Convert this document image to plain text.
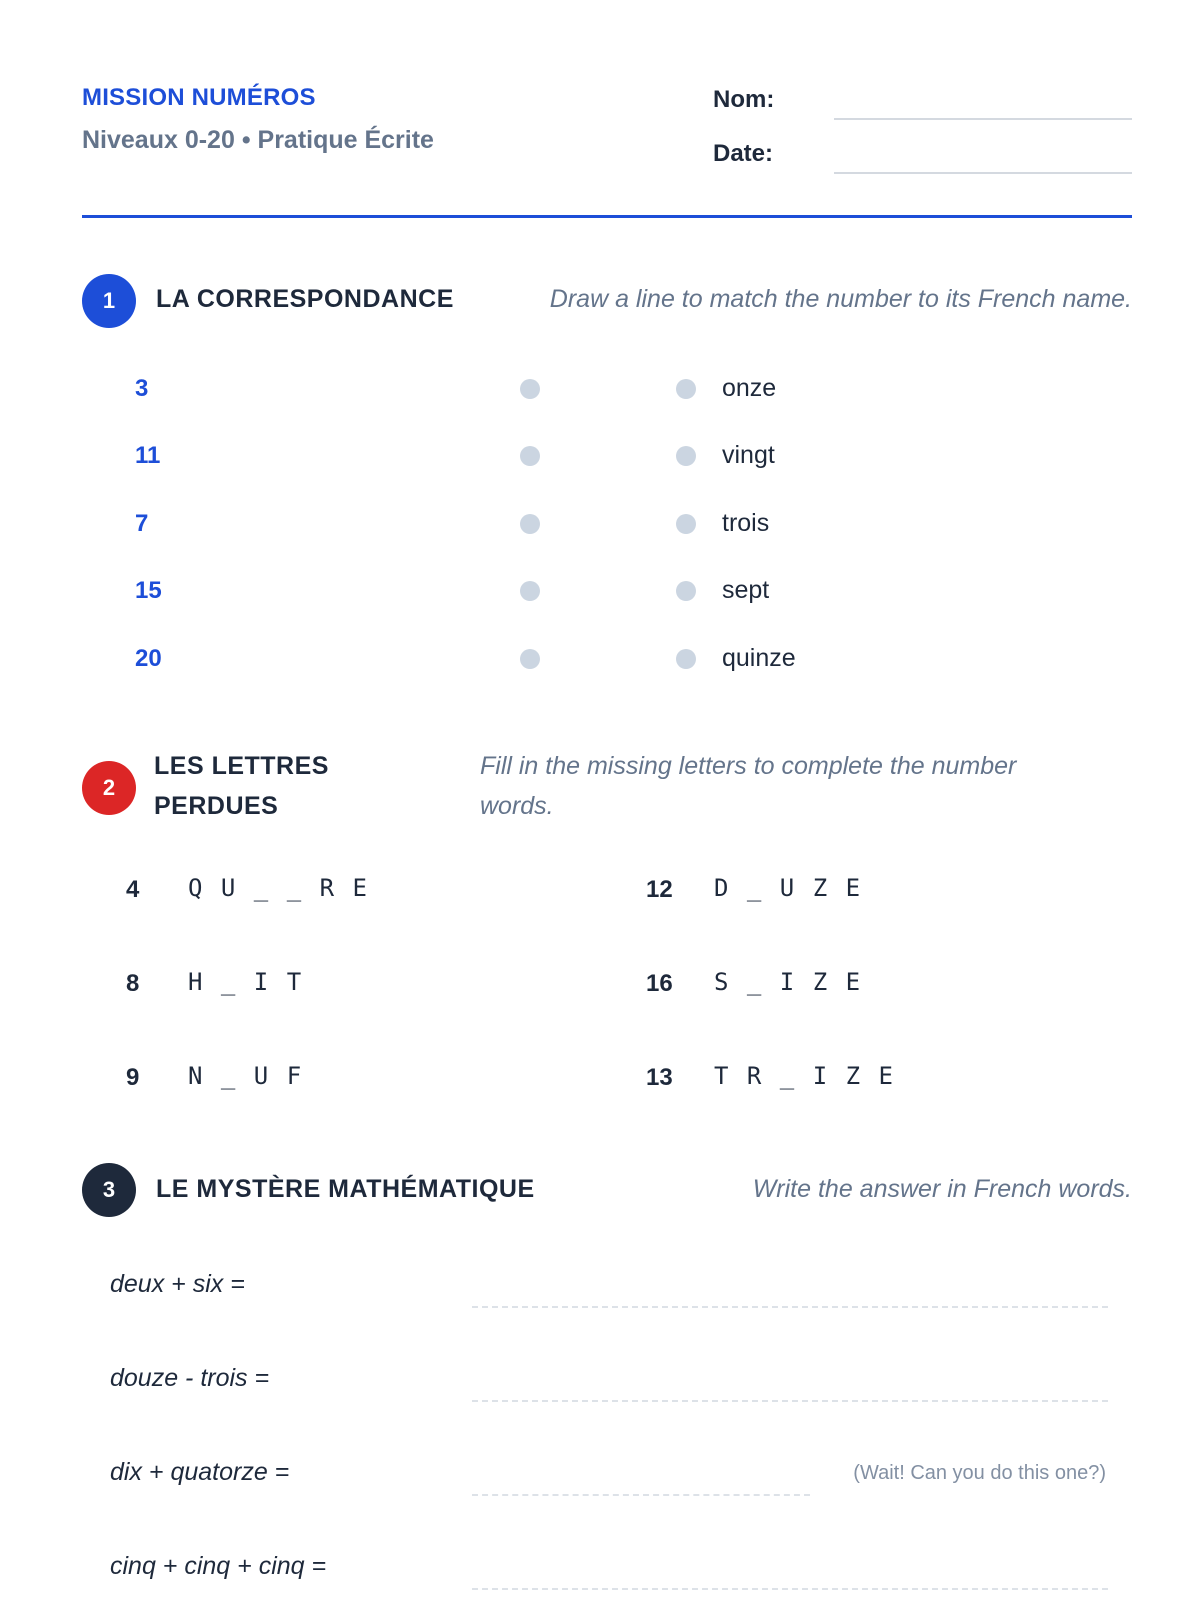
MISSION NUMÉROS
Niveaux 0-20 • Pratique Écrite
Nom:
Date:
1	LA CORRESPONDANCE	Draw a line to match the number to its French name.
3
11
7
15
20
onze
vingt
trois
sept
quinze
2
LES LETTRES
PERDUES
Fill in the missing letters to complete the number
words.
4 Q U _ _ R E	12 D _ U Z E
8 H _ I T	16 S _ I Z E
9 N _ U F	13 T R _ I Z E
3	LE MYSTÈRE MATHÉMATIQUE	Write the answer in French words.
deux + six =
douze - trois =
dix + quatorze =	(Wait! Can you do this one?)
cinq + cinq + cinq =
